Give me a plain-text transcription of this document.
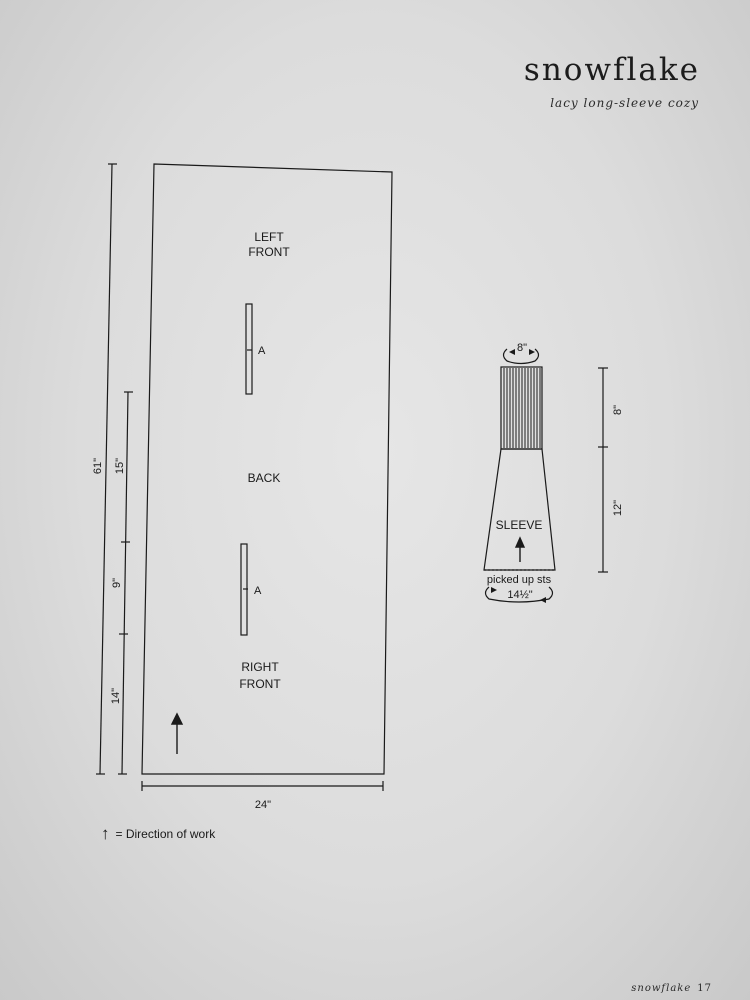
snowflake
lacy long-sleeve cozy
LEFT
FRONT
BACK
RIGHT
FRONT
A
A
61" 15"
9"
14"
24"
SLEEVE
8"
8"
12"
picked up sts
14½"
↑ = Direction of work
snowflake 17
